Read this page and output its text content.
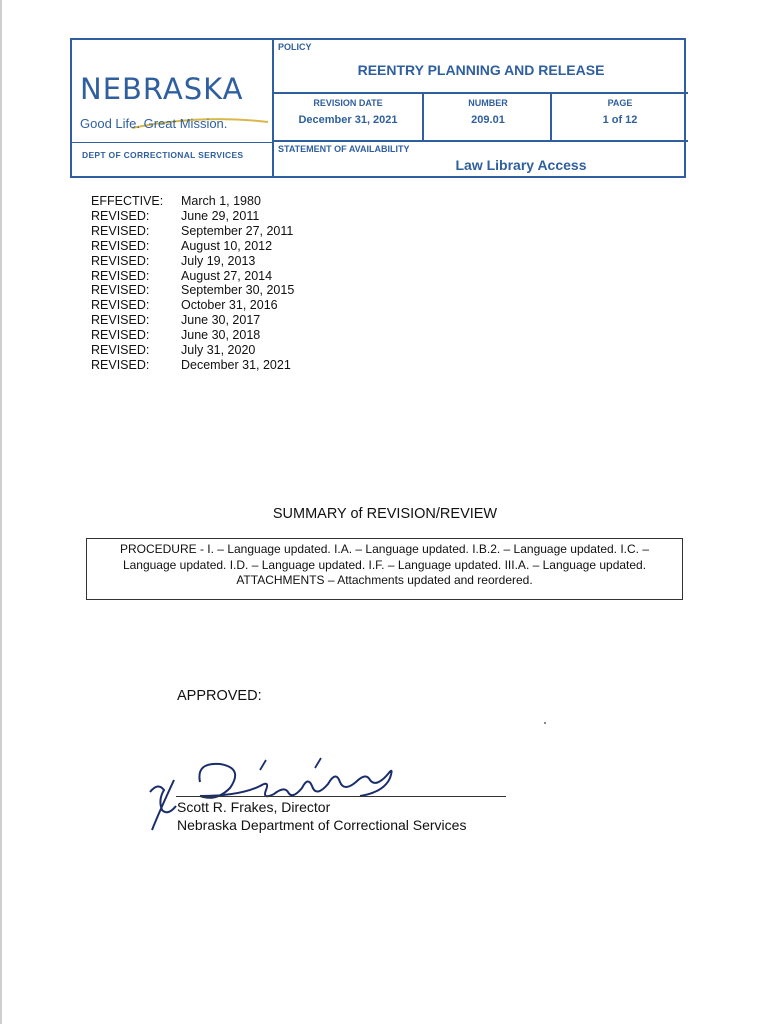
NEBRASKA
Good Life. Great Mission.
DEPT OF CORRECTIONAL SERVICES
POLICY
REENTRY PLANNING AND RELEASE
REVISION DATE
December 31, 2021
NUMBER
209.01
PAGE
1 of 12
STATEMENT OF AVAILABILITY
Law Library Access
EFFECTIVE:	March 1, 1980
REVISED:	June 29, 2011
REVISED:	September 27, 2011
REVISED:	August 10, 2012
REVISED:	July 19, 2013
REVISED:	August 27, 2014
REVISED:	September 30, 2015
REVISED:	October 31, 2016
REVISED:	June 30, 2017
REVISED:	June 30, 2018
REVISED:	July 31, 2020
REVISED:	December 31, 2021
SUMMARY of REVISION/REVIEW
PROCEDURE - I. – Language updated. I.A. – Language updated. I.B.2. – Language updated. I.C. –
Language updated. I.D. – Language updated. I.F. – Language updated. III.A. – Language updated.
ATTACHMENTS – Attachments updated and reordered.
APPROVED:
Scott R. Frakes, Director
Nebraska Department of Correctional Services
